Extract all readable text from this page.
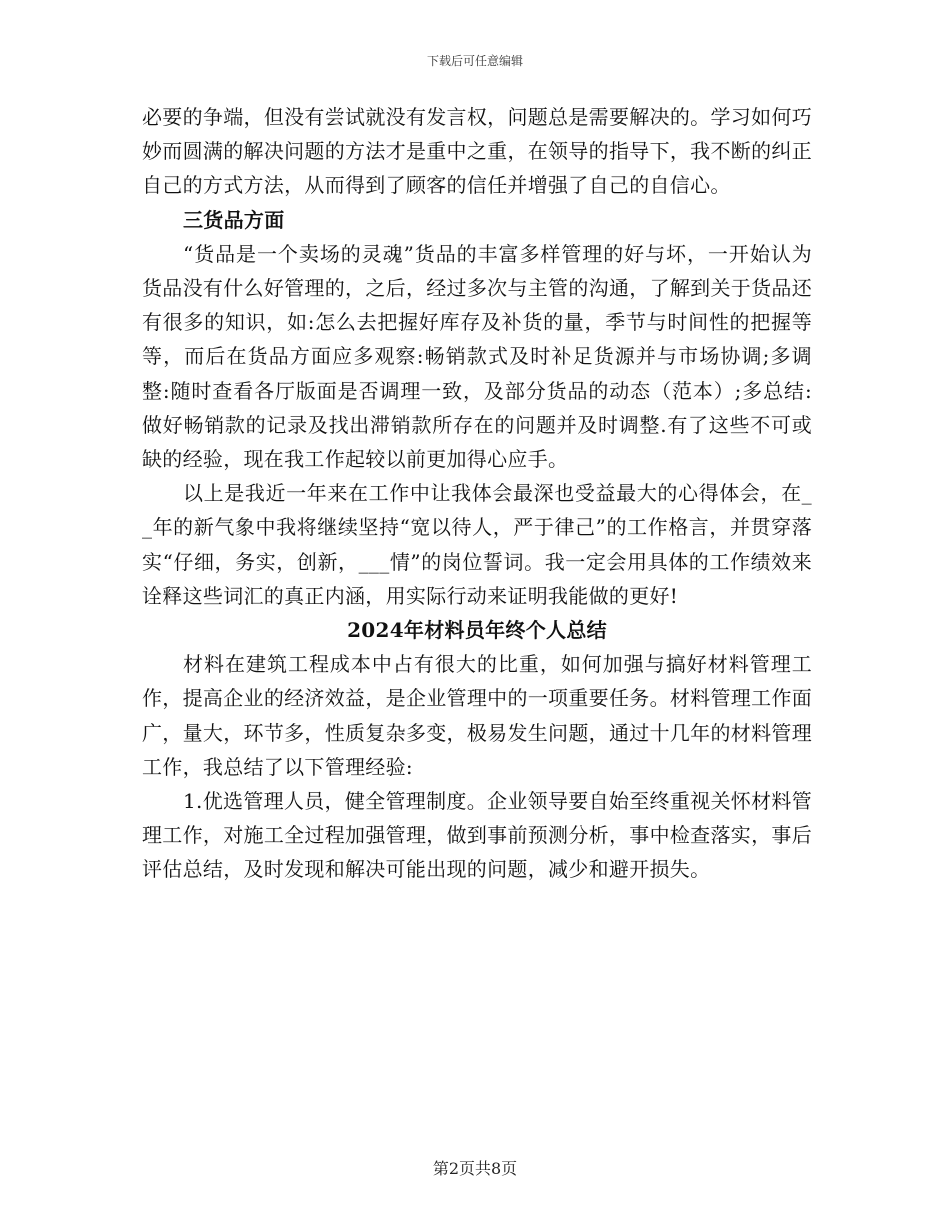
下载后可任意编辑

必要的争端，但没有尝试就没有发言权，问题总是需要解决的。学习如何巧妙而圆满的解决问题的方法才是重中之重，在领导的指导下，我不断的纠正自己的方式方法，从而得到了顾客的信任并增强了自己的自信心。

三货品方面

“货品是一个卖场的灵魂”货品的丰富多样管理的好与坏，一开始认为货品没有什么好管理的，之后，经过多次与主管的沟通，了解到关于货品还有很多的知识，如:怎么去把握好库存及补货的量，季节与时间性的把握等等，而后在货品方面应多观察:畅销款式及时补足货源并与市场协调;多调整:随时查看各厅版面是否调理一致，及部分货品的动态（范本）;多总结:做好畅销款的记录及找出滞销款所存在的问题并及时调整.有了这些不可或缺的经验，现在我工作起较以前更加得心应手。

以上是我近一年来在工作中让我体会最深也受益最大的心得体会，在__年的新气象中我将继续坚持“宽以待人，严于律己”的工作格言，并贯穿落实“仔细，务实，创新，___情”的岗位誓词。我一定会用具体的工作绩效来诠释这些词汇的真正内涵，用实际行动来证明我能做的更好!

2024年材料员年终个人总结

材料在建筑工程成本中占有很大的比重，如何加强与搞好材料管理工作，提高企业的经济效益，是企业管理中的一项重要任务。材料管理工作面广，量大，环节多，性质复杂多变，极易发生问题，通过十几年的材料管理工作，我总结了以下管理经验:

1.优选管理人员，健全管理制度。企业领导要自始至终重视关怀材料管理工作，对施工全过程加强管理，做到事前预测分析，事中检查落实，事后评估总结，及时发现和解决可能出现的问题，减少和避开损失。

第2页共8页
